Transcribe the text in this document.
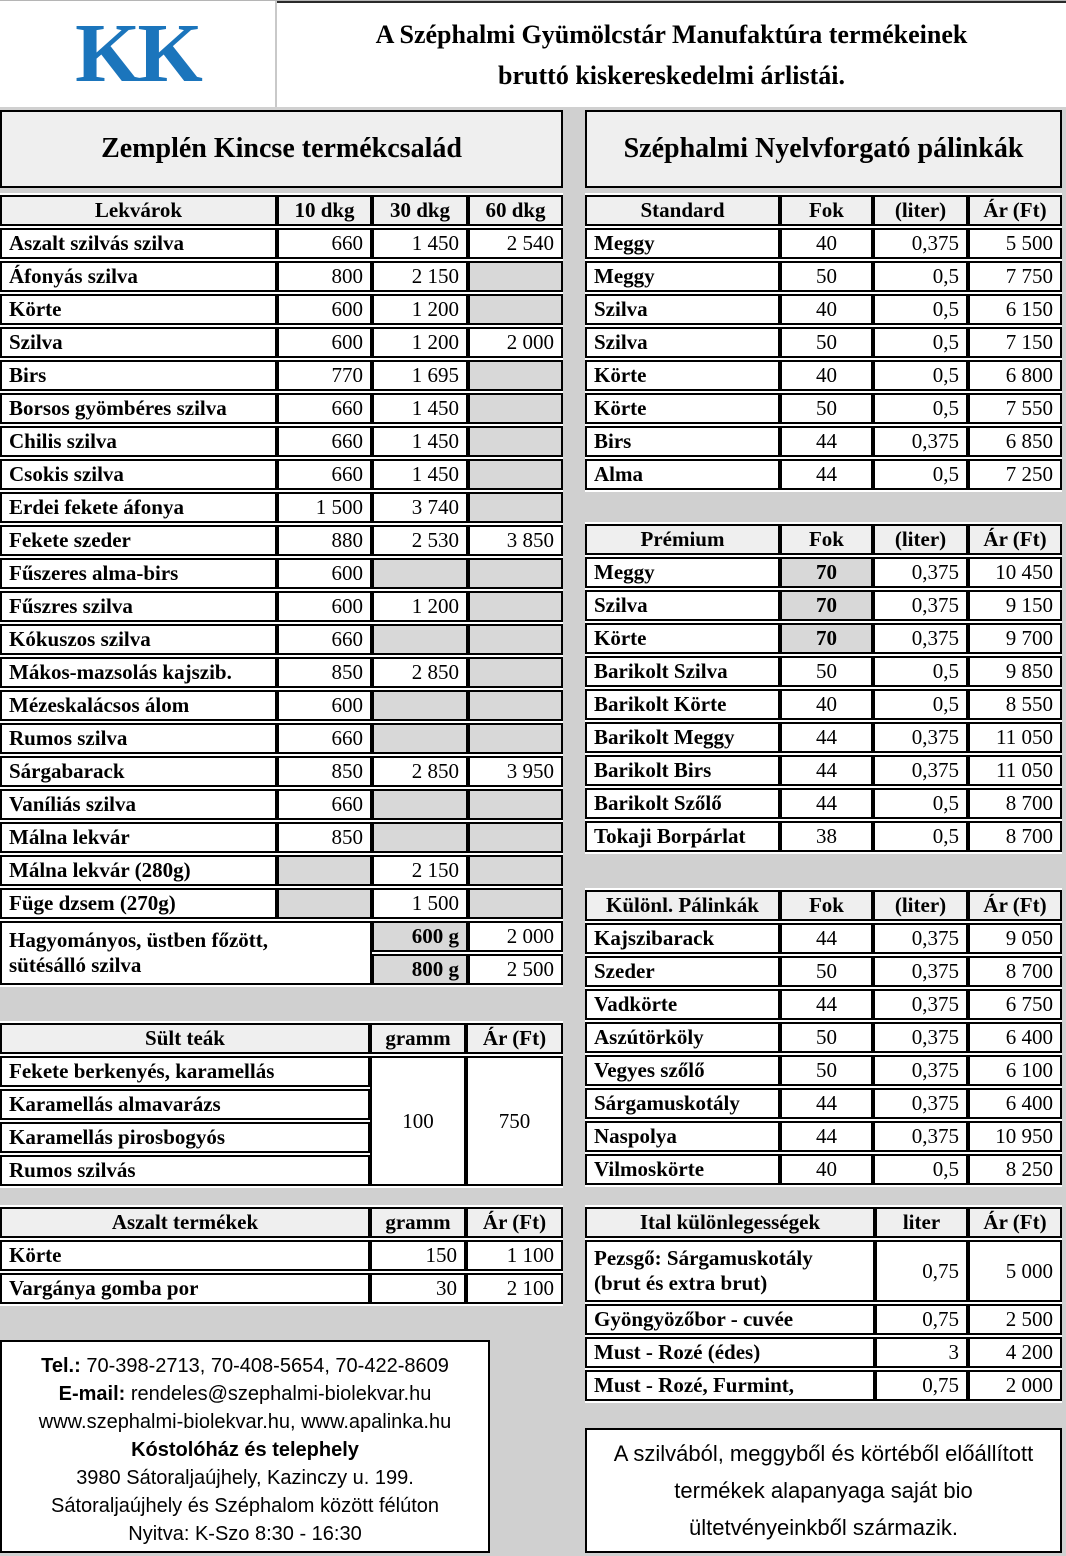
KK	A Széphalmi Gyümölcstár Manufaktúra termékeinek
bruttó kiskereskedelmi árlistái.
Zemplén Kincse termékcsalád
Lekvárok	10 dkg	30 dkg	60 dkg
Aszalt szilvás szilva	660	1 450	2 540
Áfonyás szilva	800	2 150	
Körte	600	1 200	
Szilva	600	1 200	2 000
Birs	770	1 695	
Borsos gyömbéres szilva	660	1 450	
Chilis szilva	660	1 450	
Csokis szilva	660	1 450	
Erdei fekete áfonya	1 500	3 740	
Fekete szeder	880	2 530	3 850
Fűszeres alma-birs	600		
Fűszres szilva	600	1 200	
Kókuszos szilva	660		
Mákos-mazsolás kajszib.	850	2 850	
Mézeskalácsos álom	600		
Rumos szilva	660		
Sárgabarack	850	2 850	3 950
Vaníliás szilva	660		
Málna lekvár	850		
Málna lekvár (280g)		2 150	
Füge dzsem (270g)		1 500	

Hagyományos, üstben főzött,
sütésálló szilva		600 g	2 000
		800 g	2 500
Sült teák	gramm	Ár (Ft)
Fekete berkenyés, karamellás	100	750
Karamellás almavarázs		
Karamellás pirosbogyós		
Rumos szilvás		
Aszalt termékek	gramm	Ár (Ft)
Körte	150	1 100
Vargánya gomba por	30	2 100
Tel.: 70-398-2713, 70-408-5654, 70-422-8609
E-mail: rendeles@szephalmi-biolekvar.hu
www.szephalmi-biolekvar.hu, www.apalinka.hu
Kóstolóház és telephely
3980 Sátoraljaújhely, Kazinczy u. 199.
Sátoraljaújhely és Széphalom között félúton
Nyitva: K-Szo 8:30 - 16:30
Széphalmi Nyelvforgató pálinkák
Standard	Fok	(liter)	Ár (Ft)
Meggy	40	0,375	5 500
Meggy	50	0,5	7 750
Szilva	40	0,5	6 150
Szilva	50	0,5	7 150
Körte	40	0,5	6 800
Körte	50	0,5	7 550
Birs	44	0,375	6 850
Alma	44	0,5	7 250
Prémium	Fok	(liter)	Ár (Ft)
Meggy	70	0,375	10 450
Szilva	70	0,375	9 150
Körte	70	0,375	9 700
Barikolt Szilva	50	0,5	9 850
Barikolt Körte	40	0,5	8 550
Barikolt Meggy	44	0,375	11 050
Barikolt Birs	44	0,375	11 050
Barikolt Szőlő	44	0,5	8 700
Tokaji Borpárlat	38	0,5	8 700
Különl. Pálinkák	Fok	(liter)	Ár (Ft)
Kajszibarack	44	0,375	9 050
Szeder	50	0,375	8 700
Vadkörte	44	0,375	6 750
Aszútörköly	50	0,375	6 400
Vegyes szőlő	50	0,375	6 100
Sárgamuskotály	44	0,375	6 400
Naspolya	44	0,375	10 950
Vilmoskörte	40	0,5	8 250
Ital különlegességek	liter	Ár (Ft)

Pezsgő: Sárgamuskotály
(brut és extra brut)	0,75	5 000
Gyöngyözőbor - cuvée	0,75	2 500
Must - Rozé (édes)	3	4 200
Must - Rozé, Furmint,	0,75	2 000
A szilvából, meggyből és körtéből előállított
termékek alapanyaga saját bio
ültetvényeinkből származik.
